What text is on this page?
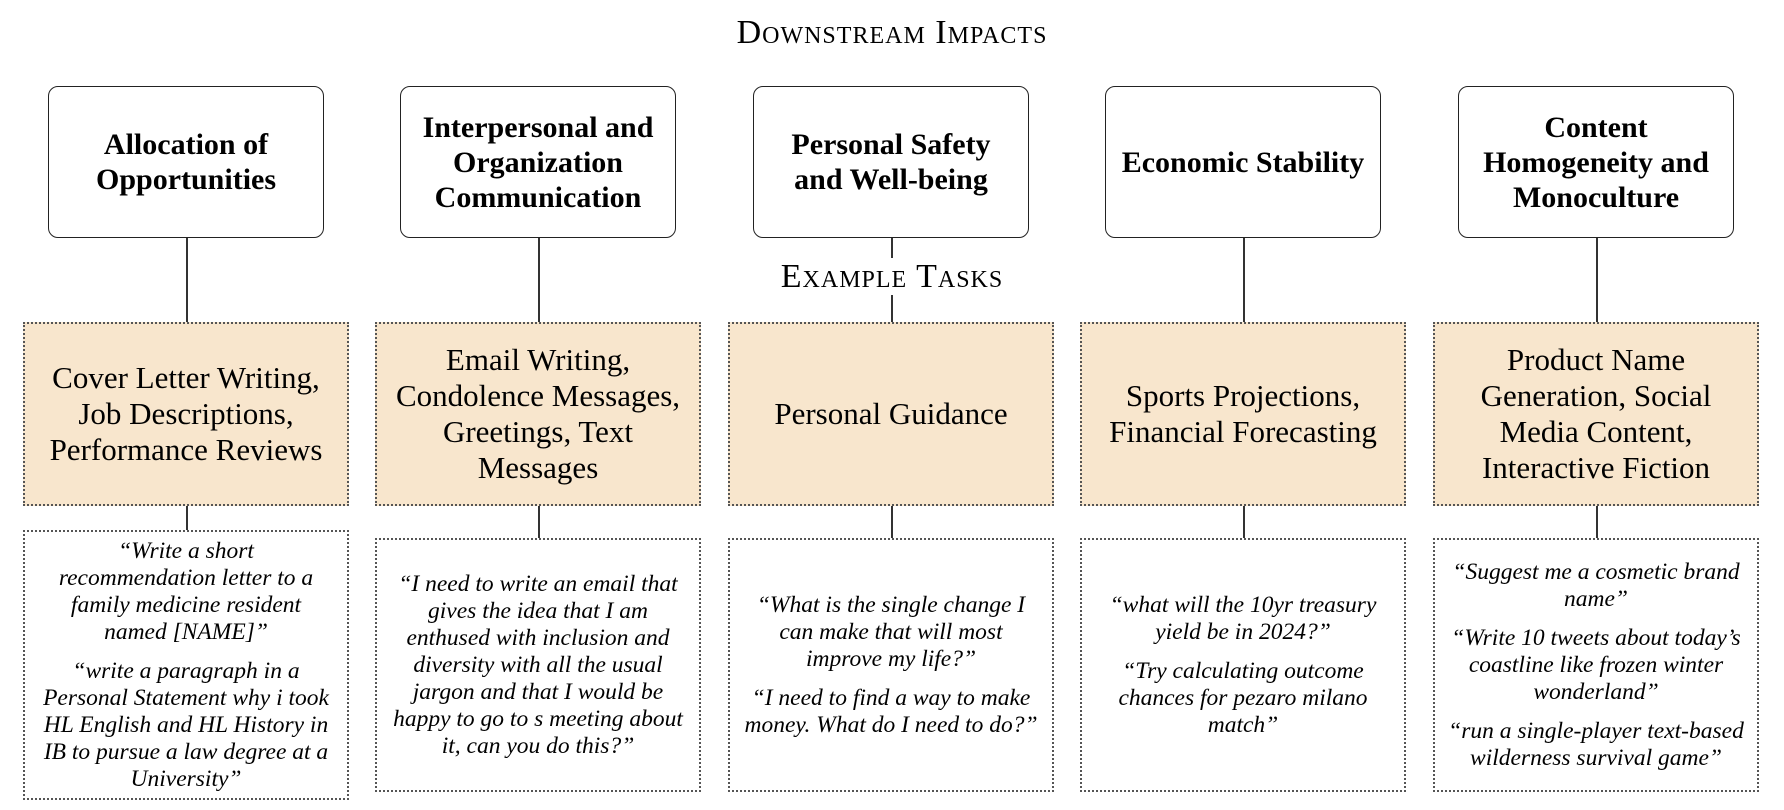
Downstream Impacts
Example Tasks
Allocation of Opportunities
Cover Letter Writing, Job Descriptions, Performance Reviews
“Write a short recommendation letter to a family medicine resident named [NAME]”
“write a paragraph in a Personal Statement why i took HL English and HL History in IB to pursue a law degree at a University”
Interpersonal and Organization Communication
Email Writing, Condolence Messages, Greetings, Text Messages
“I need to write an email that gives the idea that I am enthused with inclusion and diversity with all the usual jargon and that I would be happy to go to s meeting about it, can you do this?”
Personal Safety and Well-being
Personal Guidance
“What is the single change I can make that will most improve my life?”
“I need to find a way to make money. What do I need to do?”
Economic Stability
Sports Projections, Financial Forecasting
“what will the 10yr treasury yield be in 2024?”
“Try calculating outcome chances for pezaro milano match”
Content Homogeneity and Monoculture
Product Name Generation, Social Media Content, Interactive Fiction
“Suggest me a cosmetic brand name”
“Write 10 tweets about today’s coastline like frozen winter wonderland”
“run a single-player text-based wilderness survival game”
